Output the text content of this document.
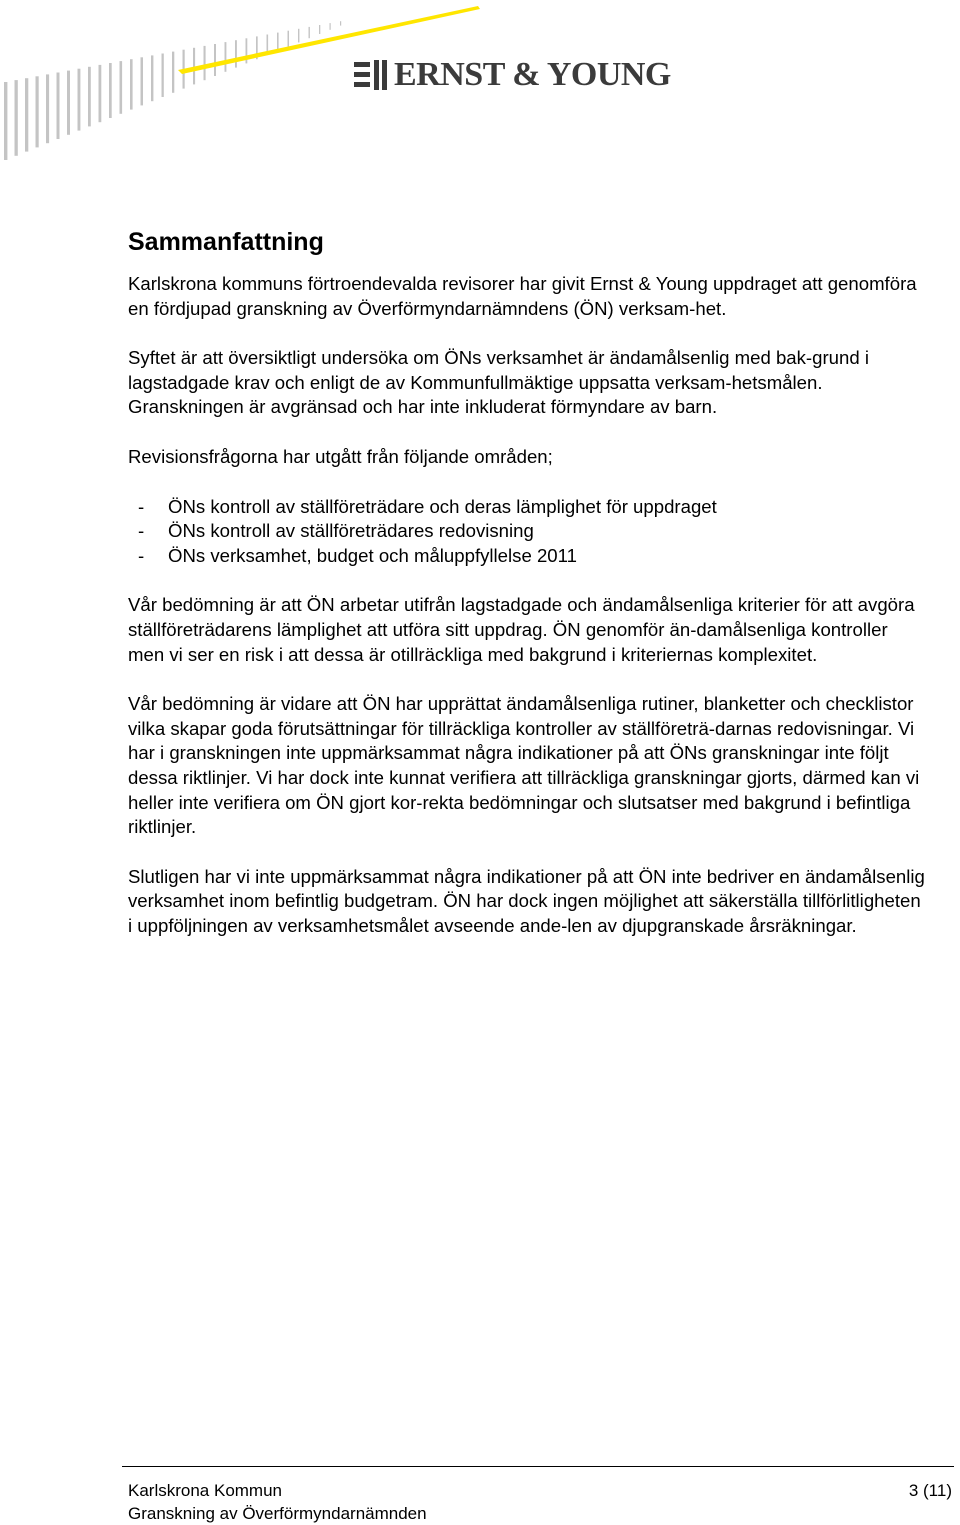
ERNST & YOUNG
Sammanfattning

Karlskrona kommuns förtroendevalda revisorer har givit Ernst & Young uppdraget att genomföra en fördjupad granskning av Överförmyndarnämndens (ÖN) verksam-het.

Syftet är att översiktligt undersöka om ÖNs verksamhet är ändamålsenlig med bak-grund i lagstadgade krav och enligt de av Kommunfullmäktige uppsatta verksam-hetsmålen. Granskningen är avgränsad och har inte inkluderat förmyndare av barn.

Revisionsfrågorna har utgått från följande områden;

-	ÖNs kontroll av ställföreträdare och deras lämplighet för uppdraget
-	ÖNs kontroll av ställföreträdares redovisning
-	ÖNs verksamhet, budget och måluppfyllelse 2011

Vår bedömning är att ÖN arbetar utifrån lagstadgade och ändamålsenliga kriterier för att avgöra ställföreträdarens lämplighet att utföra sitt uppdrag. ÖN genomför än-damålsenliga kontroller men vi ser en risk i att dessa är otillräckliga med bakgrund i kriteriernas komplexitet.

Vår bedömning är vidare att ÖN har upprättat ändamålsenliga rutiner, blanketter och checklistor vilka skapar goda förutsättningar för tillräckliga kontroller av ställföreträ-darnas redovisningar. Vi har i granskningen inte uppmärksammat några indikationer på att ÖNs granskningar inte följt dessa riktlinjer. Vi har dock inte kunnat verifiera att tillräckliga granskningar gjorts, därmed kan vi heller inte verifiera om ÖN gjort kor-rekta bedömningar och slutsatser med bakgrund i befintliga riktlinjer.

Slutligen har vi inte uppmärksammat några indikationer på att ÖN inte bedriver en ändamålsenlig verksamhet inom befintlig budgetram. ÖN har dock ingen möjlighet att säkerställa tillförlitligheten i uppföljningen av verksamhetsmålet avseende ande-len av djupgranskade årsräkningar.

Karlskrona Kommun
Granskning av Överförmyndarnämnden
3 (11)
